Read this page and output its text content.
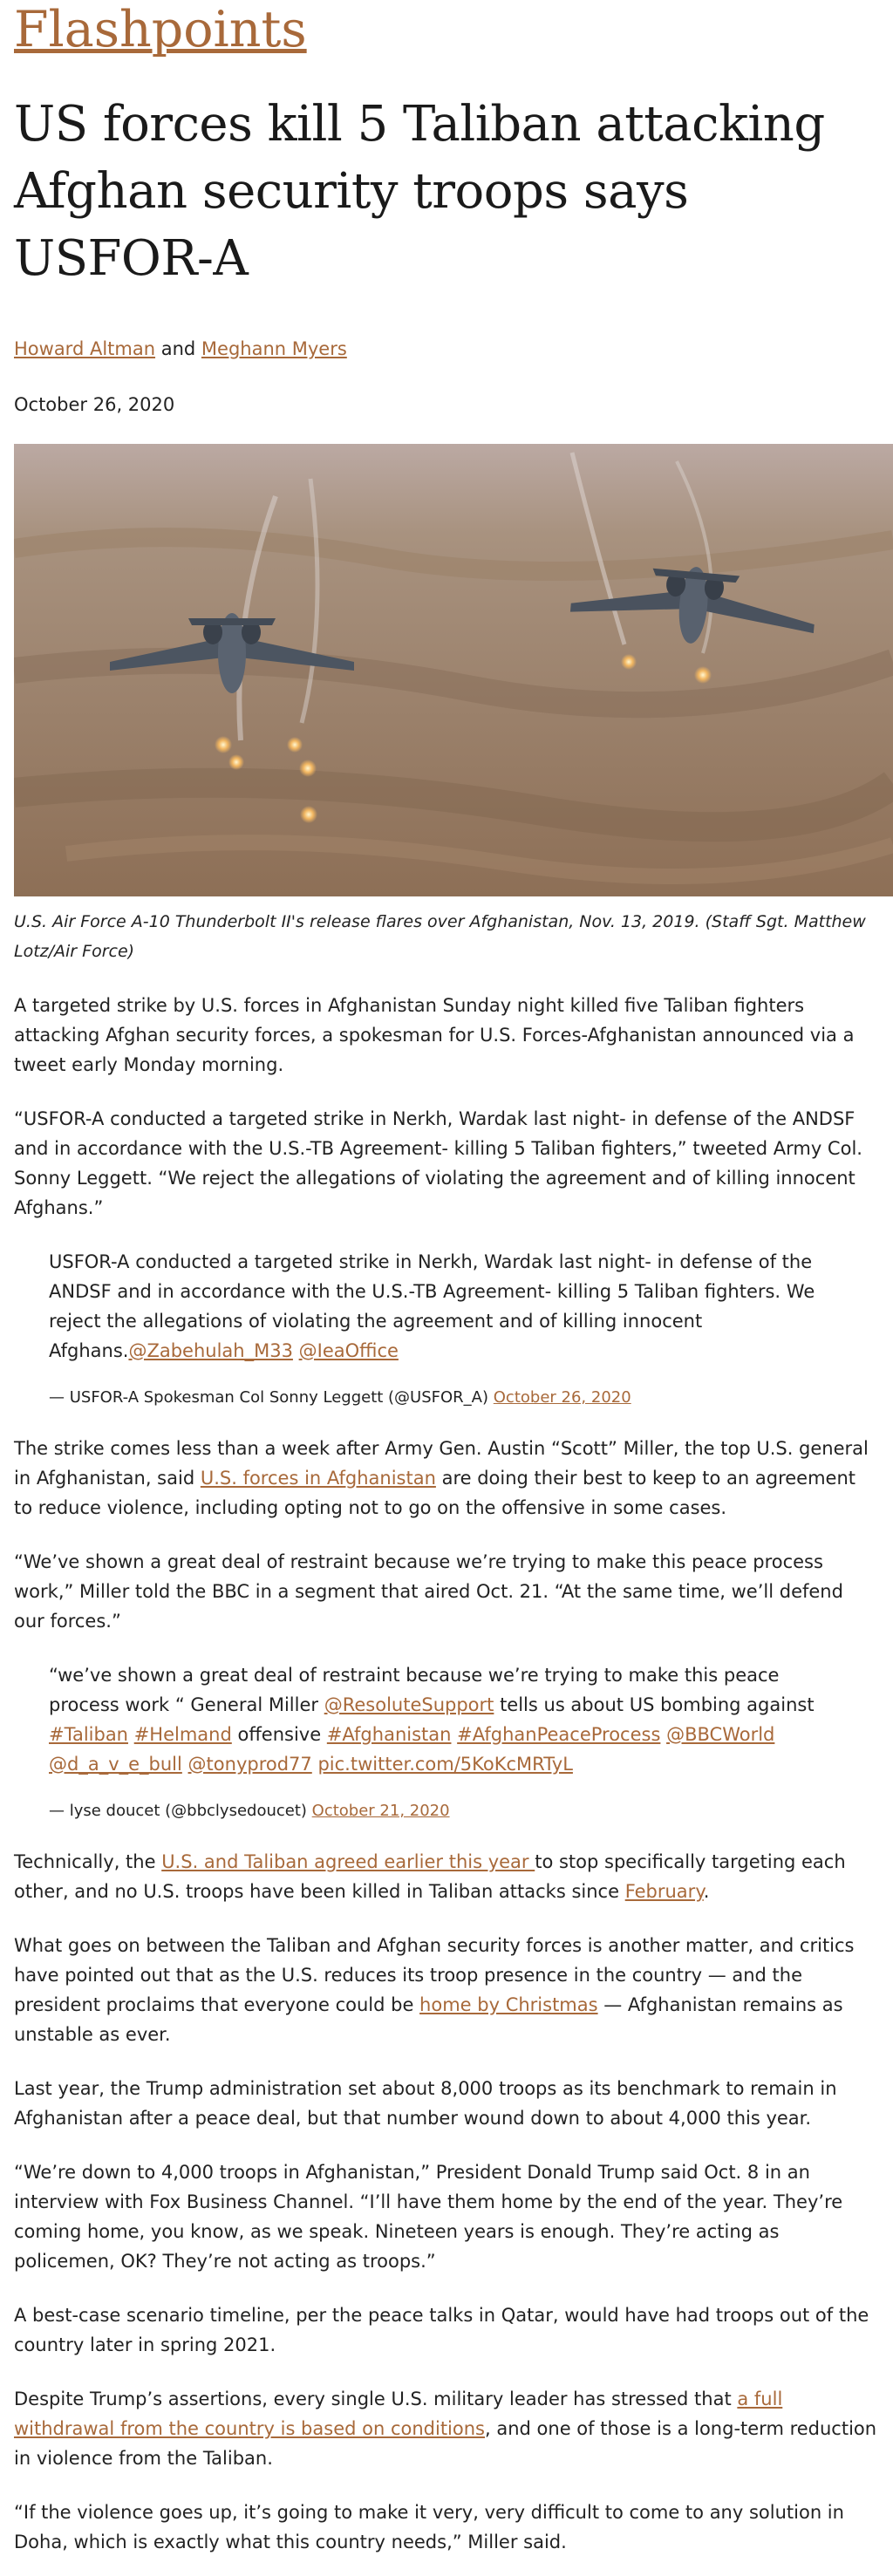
Flashpoints
US forces kill 5 Taliban attacking Afghan security troops says USFOR-A
Howard Altman and Meghann Myers
October 26, 2020
U.S. Air Force A-10 Thunderbolt II's release flares over Afghanistan, Nov. 13, 2019. (Staff Sgt. Matthew Lotz/Air Force)

A targeted strike by U.S. forces in Afghanistan Sunday night killed five Taliban fighters attacking Afghan security forces, a spokesman for U.S. Forces-Afghanistan announced via a tweet early Monday morning.

“USFOR-A conducted a targeted strike in Nerkh, Wardak last night- in defense of the ANDSF and in accordance with the U.S.-TB Agreement- killing 5 Taliban fighters,” tweeted Army Col. Sonny Leggett. “We reject the allegations of violating the agreement and of killing innocent Afghans.”

USFOR-A conducted a targeted strike in Nerkh, Wardak last night- in defense of the ANDSF and in accordance with the U.S.-TB Agreement- killing 5 Taliban fighters. We reject the allegations of violating the agreement and of killing innocent Afghans.@Zabehulah_M33 @IeaOffice

— USFOR-A Spokesman Col Sonny Leggett (@USFOR_A) October 26, 2020

The strike comes less than a week after Army Gen. Austin “Scott” Miller, the top U.S. general in Afghanistan, said U.S. forces in Afghanistan are doing their best to keep to an agreement to reduce violence, including opting not to go on the offensive in some cases.

“We’ve shown a great deal of restraint because we’re trying to make this peace process work,” Miller told the BBC in a segment that aired Oct. 21. “At the same time, we’ll defend our forces.”

“we’ve shown a great deal of restraint because we’re trying to make this peace process work “ General Miller @ResoluteSupport tells us about US bombing against #Taliban #Helmand offensive #Afghanistan #AfghanPeaceProcess @BBCWorld @d_a_v_e_bull @tonyprod77 pic.twitter.com/5KoKcMRTyL

— lyse doucet (@bbclysedoucet) October 21, 2020

Technically, the U.S. and Taliban agreed earlier this year to stop specifically targeting each other, and no U.S. troops have been killed in Taliban attacks since February.

What goes on between the Taliban and Afghan security forces is another matter, and critics have pointed out that as the U.S. reduces its troop presence in the country — and the president proclaims that everyone could be home by Christmas — Afghanistan remains as unstable as ever.

Last year, the Trump administration set about 8,000 troops as its benchmark to remain in Afghanistan after a peace deal, but that number wound down to about 4,000 this year.

“We’re down to 4,000 troops in Afghanistan,” President Donald Trump said Oct. 8 in an interview with Fox Business Channel. “I’ll have them home by the end of the year. They’re coming home, you know, as we speak. Nineteen years is enough. They’re acting as policemen, OK? They’re not acting as troops.”

A best-case scenario timeline, per the peace talks in Qatar, would have had troops out of the country later in spring 2021.

Despite Trump’s assertions, every single U.S. military leader has stressed that a full withdrawal from the country is based on conditions, and one of those is a long-term reduction in violence from the Taliban.

“If the violence goes up, it’s going to make it very, very difficult to come to any solution in Doha, which is exactly what this country needs,” Miller said.
